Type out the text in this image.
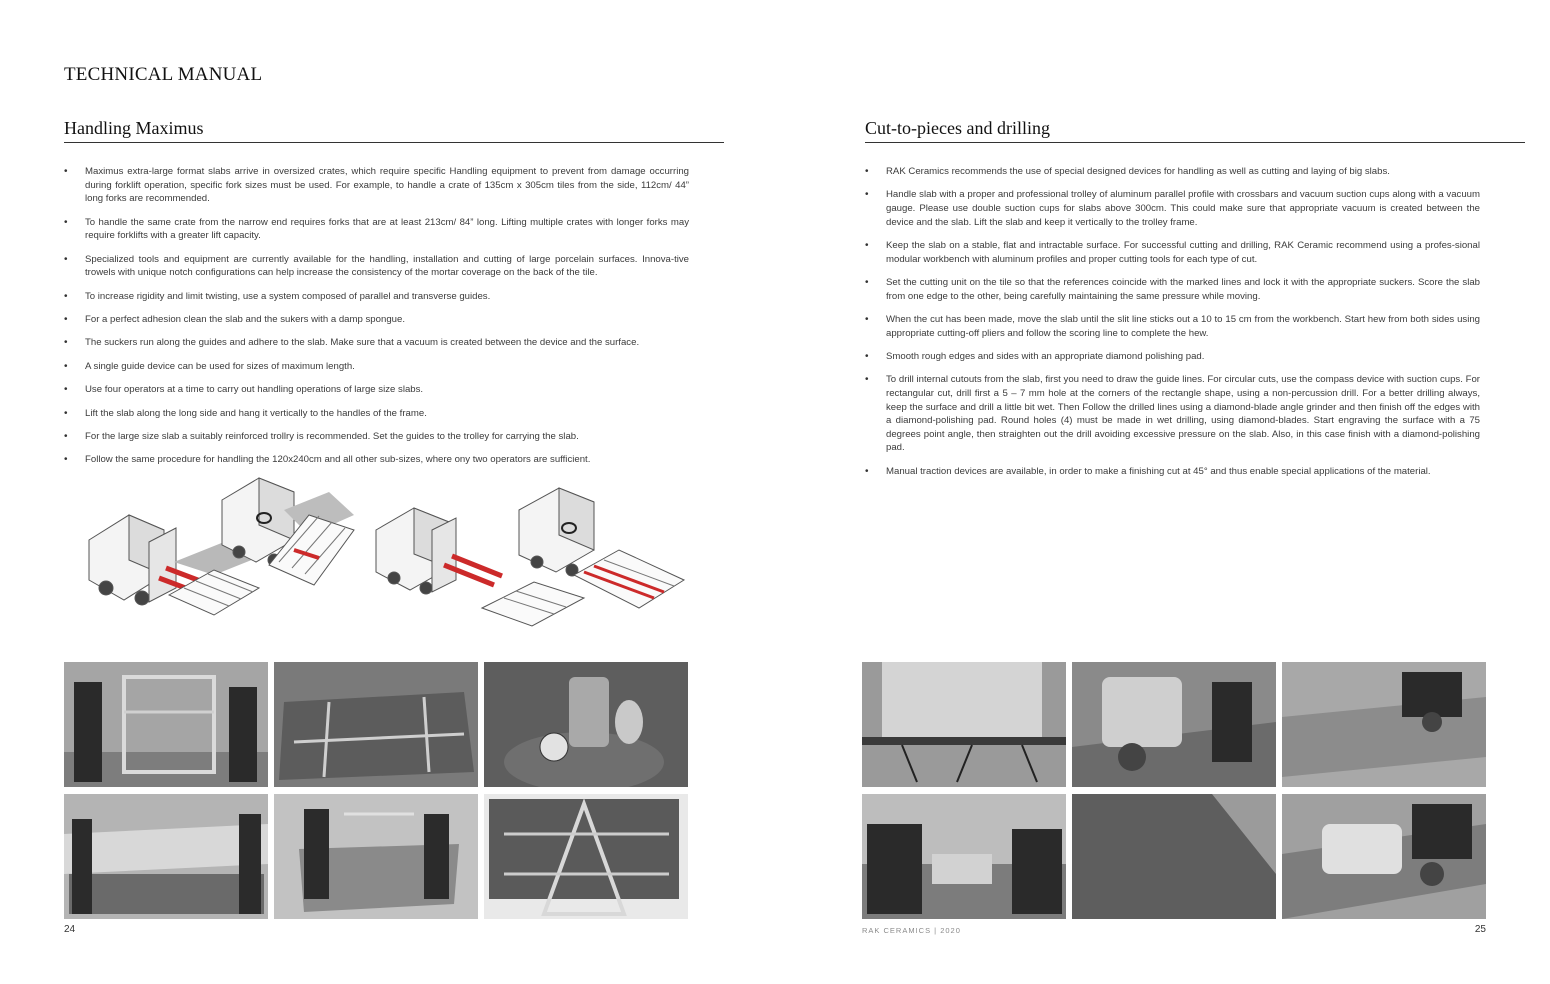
TECHNICAL MANUAL
Handling Maximus
• Maximus extra-large format slabs arrive in oversized crates, which require specific Handling equipment to prevent from damage occurring during forklift operation, specific fork sizes must be used. For example, to handle a crate of 135cm x 305cm tiles from the side, 112cm/ 44” long forks are recommended.
• To handle the same crate from the narrow end requires forks that are at least 213cm/ 84” long. Lifting multiple crates with longer forks may require forklifts with a greater lift capacity.
• Specialized tools and equipment are currently available for the handling, installation and cutting of large porcelain surfaces. Innova-tive trowels with unique notch configurations can help increase the consistency of the mortar coverage on the back of the tile.
• To increase rigidity and limit twisting, use a system composed of parallel and transverse guides.
• For a perfect adhesion clean the slab and the sukers with a damp spongue.
• The suckers run along the guides and adhere to the slab. Make sure that a vacuum is created between the device and the surface.
• A single guide device can be used for sizes of maximum length.
• Use four operators at a time to carry out handling operations of large size slabs.
• Lift the slab along the long side and hang it vertically to the handles of the frame.
• For the large size slab a suitably reinforced trollry is recommended. Set the guides to the trolley for carrying the slab.
• Follow the same procedure for handling the 120x240cm and all other sub-sizes, where ony two operators are sufficient.
24
Cut-to-pieces and drilling
• RAK Ceramics recommends the use of special designed devices for handling as well as cutting and laying of big slabs.
• Handle slab with a proper and professional trolley of aluminum parallel profile with crossbars and vacuum suction cups along with a vacuum gauge. Please use double suction cups for slabs above 300cm. This could make sure that appropriate vacuum is created between the device and the slab. Lift the slab and keep it vertically to the trolley frame.
• Keep the slab on a stable, flat and intractable surface. For successful cutting and drilling, RAK Ceramic recommend using a profes-sional modular workbench with aluminum profiles and proper cutting tools for each type of cut.
• Set the cutting unit on the tile so that the references coincide with the marked lines and lock it with the appropriate suckers. Score the slab from one edge to the other, being carefully maintaining the same pressure while moving.
• When the cut has been made, move the slab until the slit line sticks out a 10 to 15 cm from the workbench. Start hew from both sides using appropriate cutting-off pliers and follow the scoring line to complete the hew.
• Smooth rough edges and sides with an appropriate diamond polishing pad.
• To drill internal cutouts from the slab, first you need to draw the guide lines. For circular cuts, use the compass device with suction cups. For rectangular cut, drill first a 5 – 7 mm hole at the corners of the rectangle shape, using a non-percussion drill. For a better drilling always, keep the surface and drill a little bit wet. Then Follow the drilled lines using a diamond-blade angle grinder and then finish off the edges with a diamond-polishing pad. Round holes (4) must be made in wet drilling, using diamond-blades. Start engraving the surface with a 75 degrees point angle, then straighten out the drill avoiding excessive pressure on the slab. Also, in this case finish with a diamond-polishing pad.
• Manual traction devices are available, in order to make a finishing cut at 45° and thus enable special applications of the material.
RAK CERAMICS | 2020	25
